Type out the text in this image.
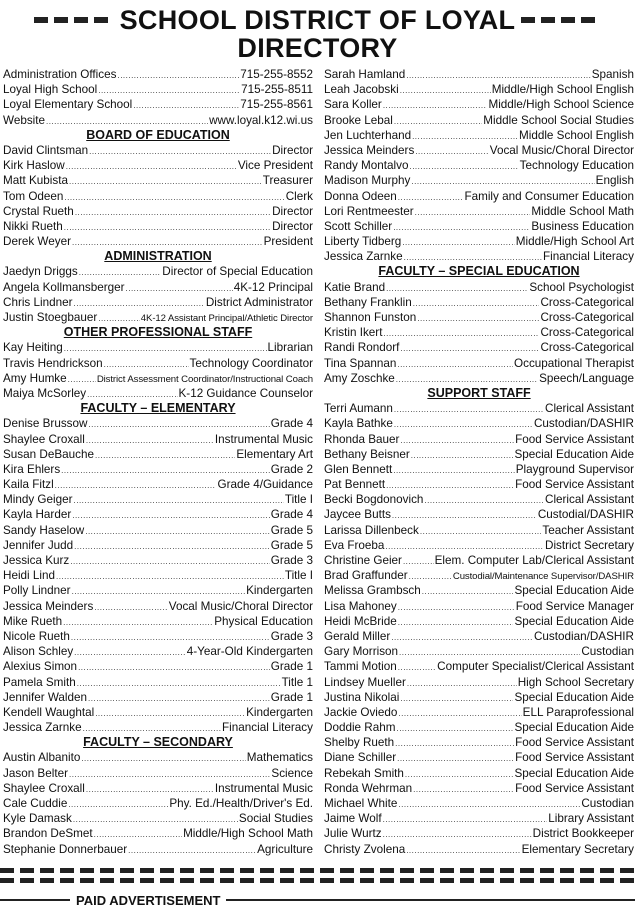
SCHOOL DISTRICT OF LOYAL
DIRECTORY
Administration Offices .....	715-255-8552
Loyal High School .....	715-255-8511
Loyal Elementary School .....	715-255-8561
Website .....	www.loyal.k12.wi.us
BOARD OF EDUCATION
David Clintsman .....	Director
Kirk Haslow .....	Vice President
Matt Kubista .....	Treasurer
Tom Odeen .....	Clerk
Crystal Rueth .....	Director
Nikki Rueth .....	Director
Derek Weyer .....	President
ADMINISTRATION
Jaedyn Driggs .....	Director of Special Education
Angela Kollmansberger .....	4K-12 Principal
Chris Lindner .....	District Administrator
Justin Stoegbauer .....	4K-12 Assistant Principal/Athletic Director
OTHER PROFESSIONAL STAFF
Kay Heiting .....	Librarian
Travis Hendrickson .....	Technology Coordinator
Amy Humke .....	District Assessment Coordinator/Instructional Coach
Maiya McSorley .....	K-12 Guidance Counselor
FACULTY – ELEMENTARY
Denise Brussow .....	Grade 4
Shaylee Croxall .....	Instrumental Music
Susan DeBauche .....	Elementary Art
Kira Ehlers .....	Grade 2
Kaila Fitzl .....	Grade 4/Guidance
Mindy Geiger .....	Title I
Kayla Harder .....	Grade 4
Sandy Haselow .....	Grade 5
Jennifer Judd .....	Grade 5
Jessica Kurz .....	Grade 3
Heidi Lind .....	Title I
Polly Lindner .....	Kindergarten
Jessica Meinders .....	Vocal Music/Choral Director
Mike Rueth .....	Physical Education
Nicole Rueth .....	Grade 3
Alison Schley .....	4-Year-Old Kindergarten
Alexius Simon .....	Grade 1
Pamela Smith .....	Title 1
Jennifer Walden .....	Grade 1
Kendell Waughtal .....	Kindergarten
Jessica Zarnke .....	Financial Literacy
FACULTY – SECONDARY
Austin Albanito .....	Mathematics
Jason Belter .....	Science
Shaylee Croxall .....	Instrumental Music
Cale Cuddie .....	Phy. Ed./Health/Driver's Ed.
Kyle Damask .....	Social Studies
Brandon DeSmet .....	Middle/High School Math
Stephanie Donnerbauer .....	Agriculture
Sarah Hamland .....	Spanish
Leah Jacobski .....	Middle/High School English
Sara Koller .....	Middle/High School Science
Brooke Lebal .....	Middle School Social Studies
Jen Luchterhand .....	Middle School English
Jessica Meinders .....	Vocal Music/Choral Director
Randy Montalvo .....	Technology Education
Madison Murphy .....	English
Donna Odeen .....	Family and Consumer Education
Lori Rentmeester .....	Middle School Math
Scott Schiller .....	Business Education
Liberty Tidberg .....	Middle/High School Art
Jessica Zarnke .....	Financial Literacy
FACULTY – SPECIAL EDUCATION
Katie Brand .....	School Psychologist
Bethany Franklin .....	Cross-Categorical
Shannon Funston .....	Cross-Categorical
Kristin Ikert .....	Cross-Categorical
Randi Rondorf .....	Cross-Categorical
Tina Spannan .....	Occupational Therapist
Amy Zoschke .....	Speech/Language
SUPPORT STAFF
Terri Aumann .....	Clerical Assistant
Kayla Bathke .....	Custodian/DASHIR
Rhonda Bauer .....	Food Service Assistant
Bethany Beisner .....	Special Education Aide
Glen Bennett .....	Playground Supervisor
Pat Bennett .....	Food Service Assistant
Becki Bogdonovich .....	Clerical Assistant
Jaycee Butts .....	Custodial/DASHIR
Larissa Dillenbeck .....	Teacher Assistant
Eva Froeba .....	District Secretary
Christine Geier .....	Elem. Computer Lab/Clerical Assistant
Brad Graffunder .....	Custodial/Maintenance Supervisor/DASHIR
Melissa Grambsch .....	Special Education Aide
Lisa Mahoney .....	Food Service Manager
Heidi McBride .....	Special Education Aide
Gerald Miller .....	Custodian/DASHIR
Gary Morrison .....	Custodian
Tammi Motion .....	Computer Specialist/Clerical Assistant
Lindsey Mueller .....	High School Secretary
Justina Nikolai .....	Special Education Aide
Jackie Oviedo .....	ELL Paraprofessional
Doddie Rahm .....	Special Education Aide
Shelby Rueth .....	Food Service Assistant
Diane Schiller .....	Food Service Assistant
Rebekah Smith .....	Special Education Aide
Ronda Wehrman .....	Food Service Assistant
Michael White .....	Custodian
Jaime Wolf .....	Library Assistant
Julie Wurtz .....	District Bookkeeper
Christy Zvolena .....	Elementary Secretary
PAID ADVERTISEMENT
